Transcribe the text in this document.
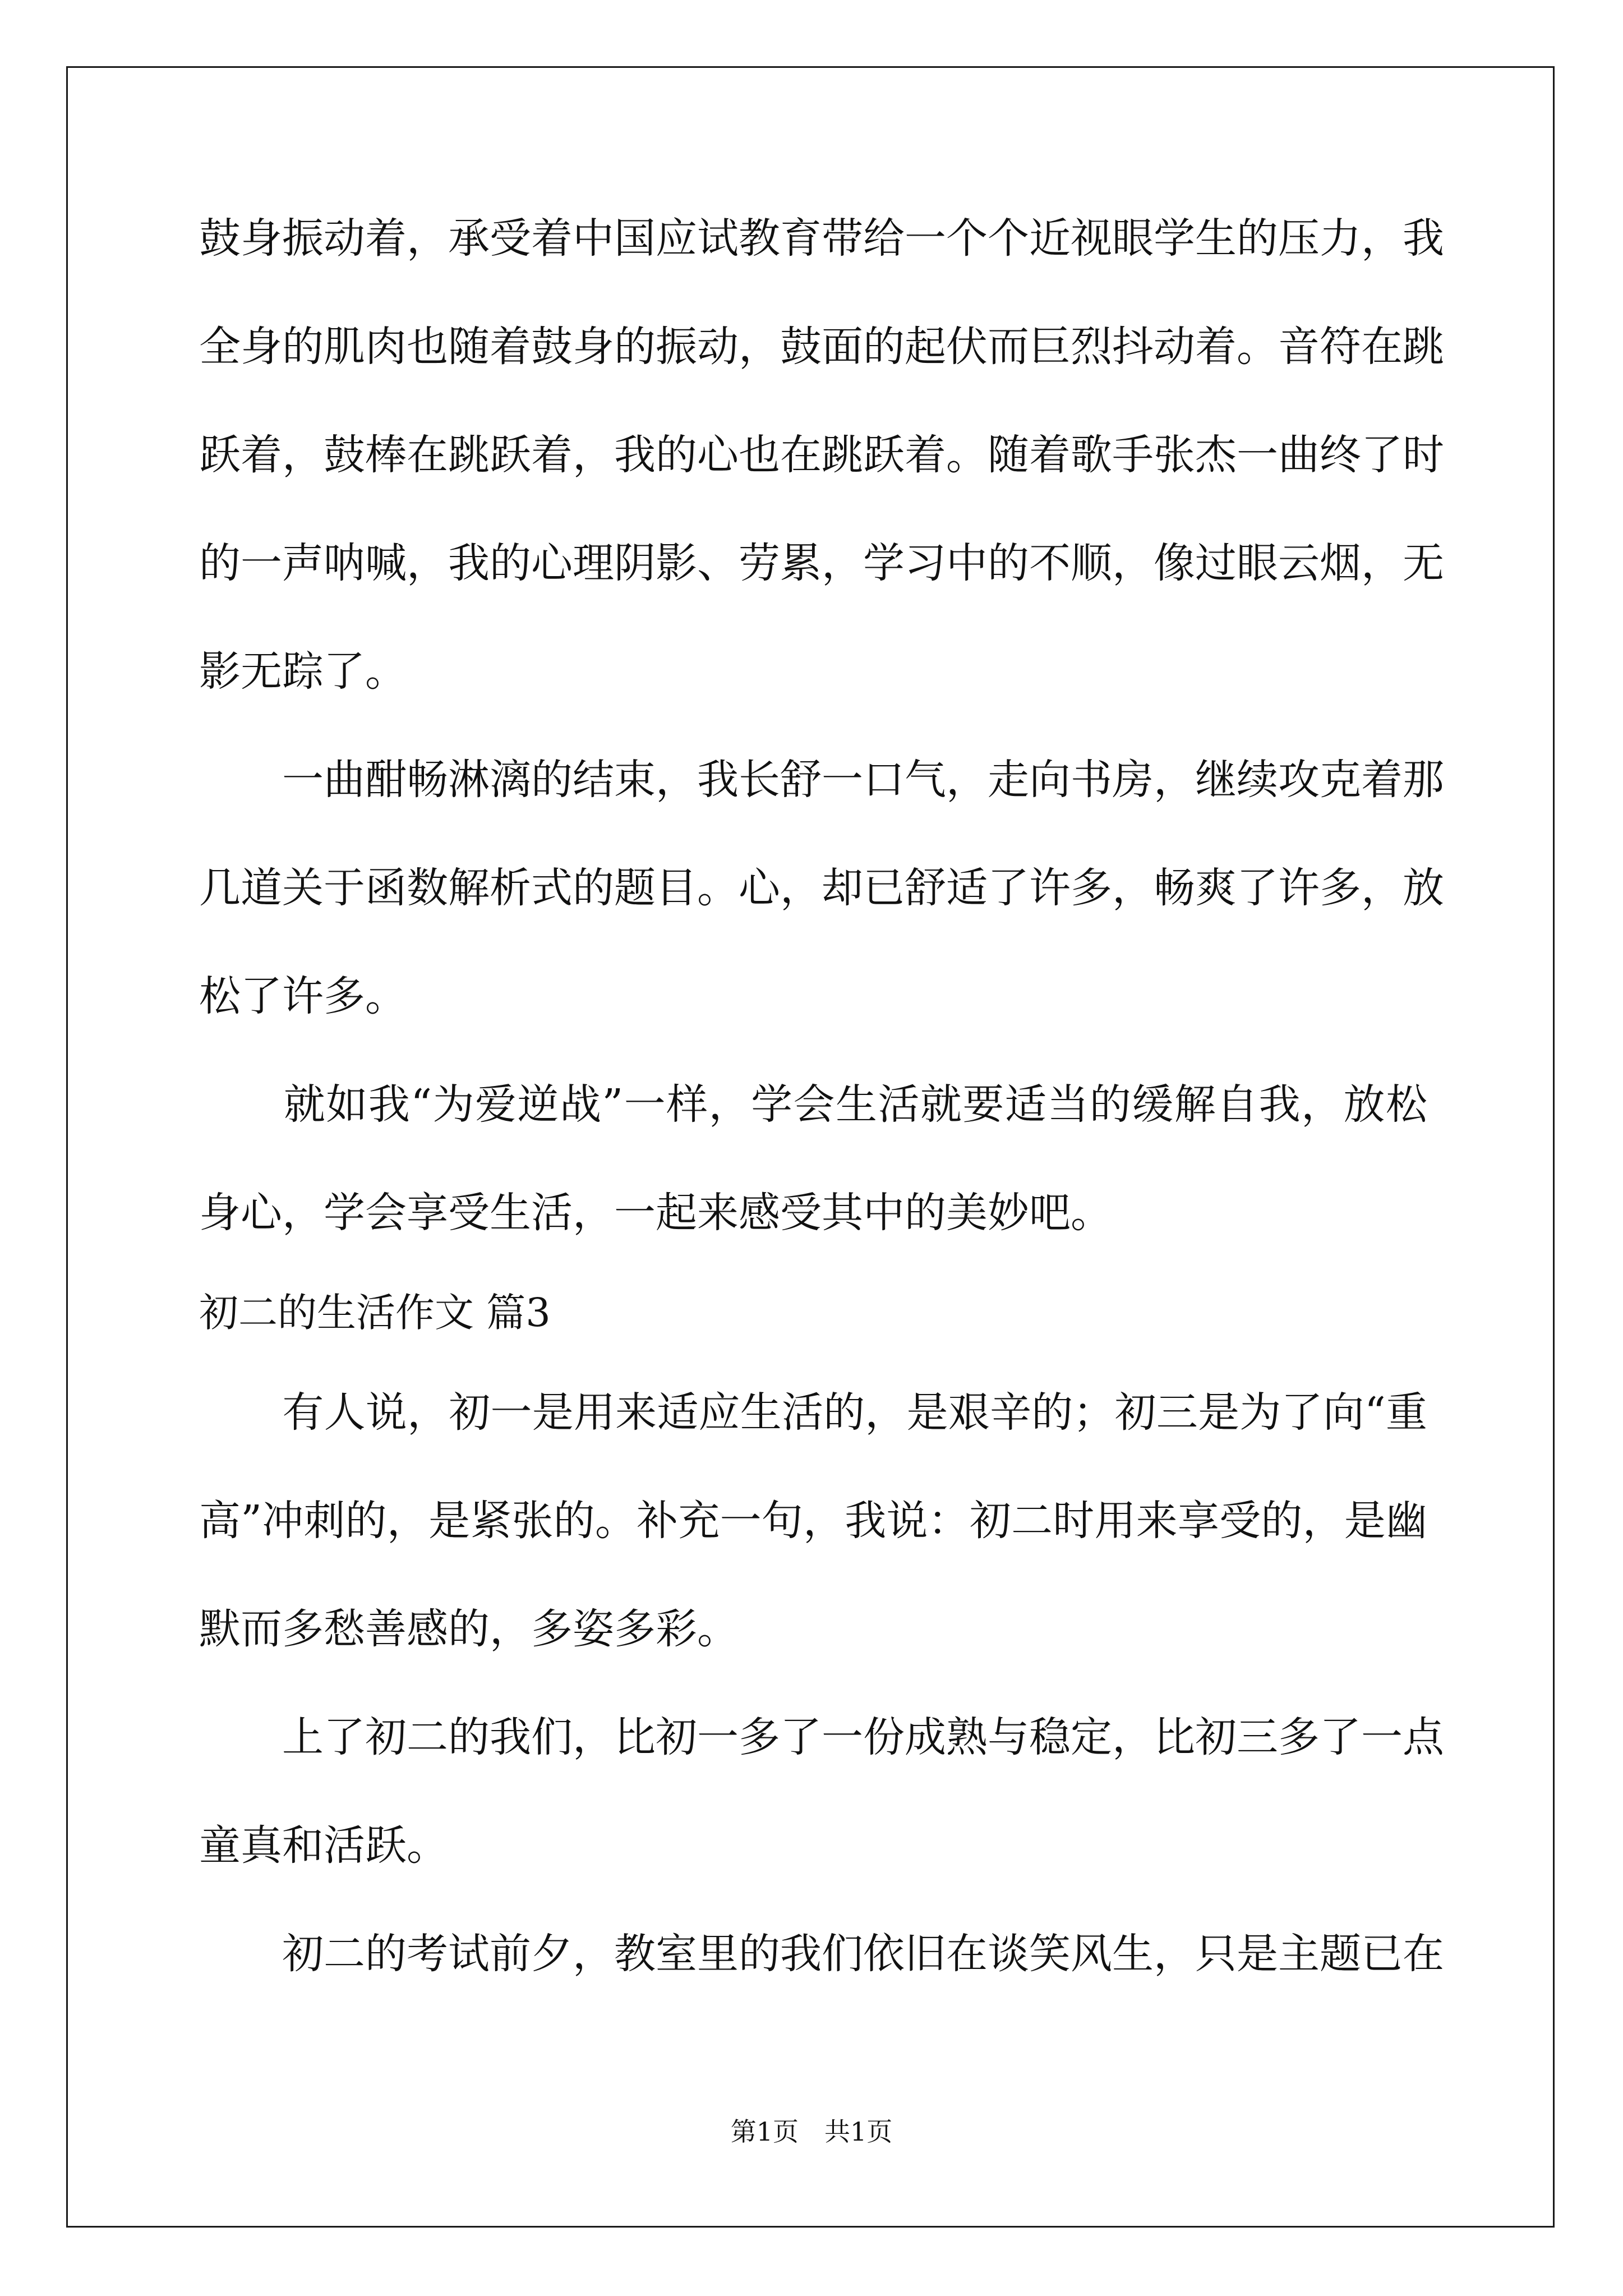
鼓身振动着，承受着中国应试教育带给一个个近视眼学生的压力，我
全身的肌肉也随着鼓身的振动，鼓面的起伏而巨烈抖动着。音符在跳
跃着，鼓棒在跳跃着，我的心也在跳跃着。随着歌手张杰一曲终了时
的一声呐喊，我的心理阴影、劳累，学习中的不顺，像过眼云烟，无
影无踪了。
　　一曲酣畅淋漓的结束，我长舒一口气，走向书房，继续攻克着那
几道关于函数解析式的题目。心，却已舒适了许多，畅爽了许多，放
松了许多。
　　就如我“为爱逆战”一样，学会生活就要适当的缓解自我，放松
身心，学会享受生活，一起来感受其中的美妙吧。
初二的生活作文 篇3
　　有人说，初一是用来适应生活的，是艰辛的；初三是为了向“重
高”冲刺的，是紧张的。补充一句，我说：初二时用来享受的，是幽
默而多愁善感的，多姿多彩。
　　上了初二的我们，比初一多了一份成熟与稳定，比初三多了一点
童真和活跃。
　　初二的考试前夕，教室里的我们依旧在谈笑风生，只是主题已在
第1页　共1页
